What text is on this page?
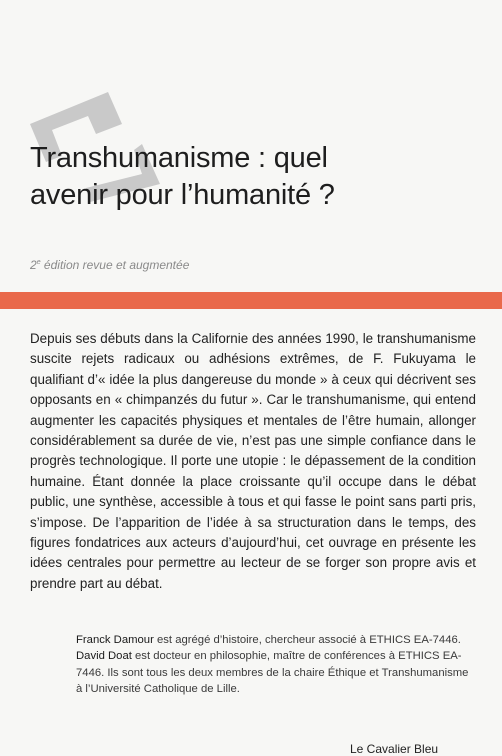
Transhumanisme : quel
avenir pour l’humanité ?
2e édition revue et augmentée
Depuis ses débuts dans la Californie des années 1990, le transhumanisme suscite rejets radicaux ou adhésions extrêmes, de F. Fukuyama le qualifiant d’« idée la plus dangereuse du monde » à ceux qui décrivent ses opposants en « chimpanzés du futur ». Car le transhumanisme, qui entend augmenter les capacités physiques et mentales de l’être humain, allonger considérablement sa durée de vie, n’est pas une simple confiance dans le progrès technologique. Il porte une utopie : le dépassement de la condition humaine. Étant donnée la place croissante qu’il occupe dans le débat public, une synthèse, accessible à tous et qui fasse le point sans parti pris, s’impose. De l’apparition de l’idée à sa structuration dans le temps, des figures fondatrices aux acteurs d’aujourd’hui, cet ouvrage en présente les idées centrales pour permettre au lecteur de se forger son propre avis et prendre part au débat.
Franck Damour est agrégé d’histoire, chercheur associé à ETHICS EA-7446. David Doat est docteur en philosophie, maître de conférences à ETHICS EA-7446. Ils sont tous les deux membres de la chaire Éthique et Transhumanisme à l’Université Catholique de Lille.
Le Cavalier Bleu
